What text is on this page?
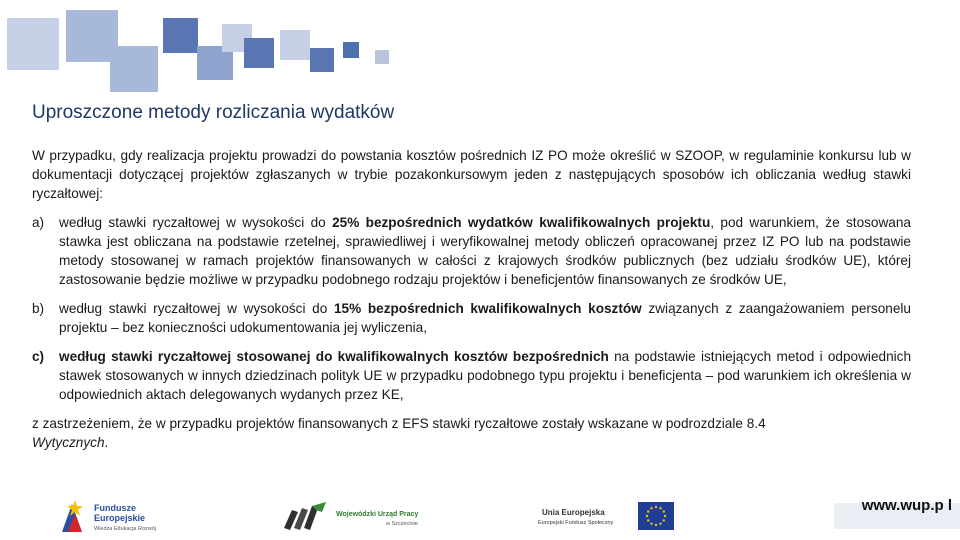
Uproszczone metody rozliczania wydatków

W przypadku, gdy realizacja projektu prowadzi do powstania kosztów pośrednich IZ PO może określić w SZOOP, w regulaminie konkursu lub w dokumentacji dotyczącej projektów zgłaszanych w trybie pozakonkursowym jeden z następujących sposobów ich obliczania według stawki ryczałtowej:

a)	według stawki ryczałtowej w wysokości do 25% bezpośrednich wydatków kwalifikowalnych projektu, pod warunkiem, że stosowana stawka jest obliczana na podstawie rzetelnej, sprawiedliwej i weryfikowalnej metody obliczeń opracowanej przez IZ PO lub na podstawie metody stosowanej w ramach projektów finansowanych w całości z krajowych środków publicznych (bez udziału środków UE), której zastosowanie będzie możliwe w przypadku podobnego rodzaju projektów i beneficjentów finansowanych ze środków UE,
b)	według stawki ryczałtowej w wysokości do 15% bezpośrednich kwalifikowalnych kosztów związanych z zaangażowaniem personelu projektu – bez konieczności udokumentowania jej wyliczenia,
c)	według stawki ryczałtowej stosowanej do kwalifikowalnych kosztów bezpośrednich na podstawie istniejących metod i odpowiednich stawek stosowanych w innych dziedzinach polityk UE w przypadku podobnego typu projektu i beneficjenta – pod warunkiem ich określenia w odpowiednich aktach delegowanych wydanych przez KE,

z zastrzeżeniem, że w przypadku projektów finansowanych z EFS stawki ryczałtowe zostały wskazane w podrozdziale 8.4
Wytycznych.

Fundusze
Europejskie
Wiedza Edukacja Rozwój
Wojewódzki Urząd Pracy
w Szczecinie
Unia Europejska
Europejski Fundusz Społeczny
www.wup.p l
